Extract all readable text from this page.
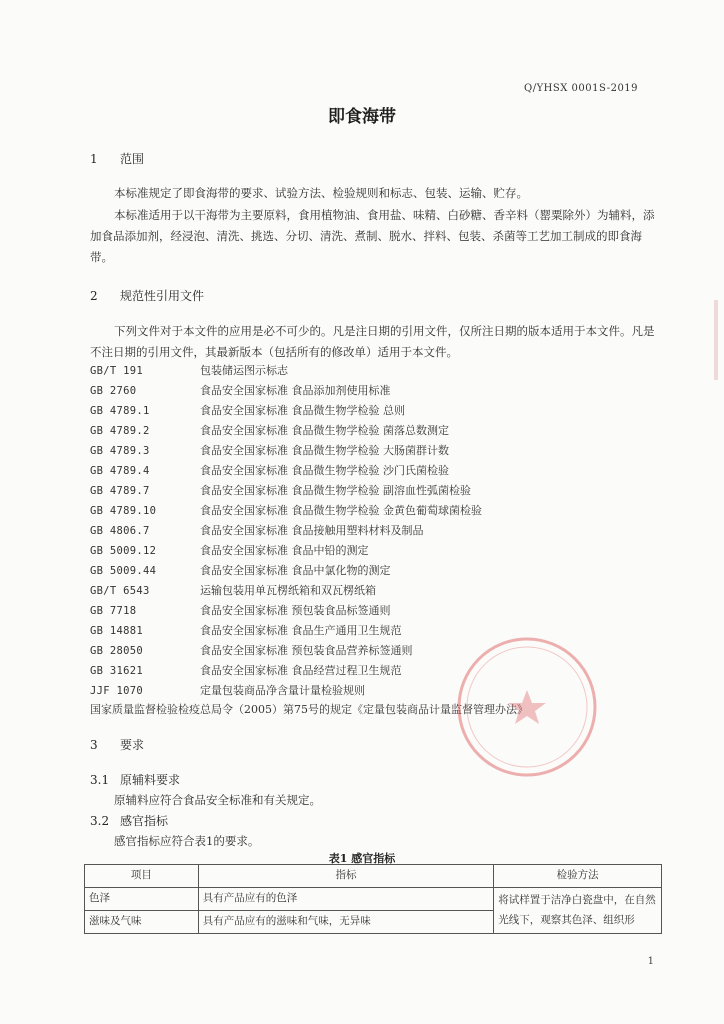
Q/YHSX 0001S-2019
即食海带
1 范围
本标准规定了即食海带的要求、试验方法、检验规则和标志、包装、运输、贮存。
本标准适用于以干海带为主要原料，食用植物油、食用盐、味精、白砂糖、香辛料（罂粟除外）为辅料，添加食品添加剂，经浸泡、清洗、挑选、分切、清洗、煮制、脱水、拌料、包装、杀菌等工艺加工制成的即食海带。
2 规范性引用文件
下列文件对于本文件的应用是必不可少的。凡是注日期的引用文件，仅所注日期的版本适用于本文件。凡是不注日期的引用文件，其最新版本（包括所有的修改单）适用于本文件。
GB/T 191	包装储运图示标志
GB 2760	食品安全国家标准 食品添加剂使用标准
GB 4789.1	食品安全国家标准 食品微生物学检验 总则
GB 4789.2	食品安全国家标准 食品微生物学检验 菌落总数测定
GB 4789.3	食品安全国家标准 食品微生物学检验 大肠菌群计数
GB 4789.4	食品安全国家标准 食品微生物学检验 沙门氏菌检验
GB 4789.7	食品安全国家标准 食品微生物学检验 副溶血性弧菌检验
GB 4789.10	食品安全国家标准 食品微生物学检验 金黄色葡萄球菌检验
GB 4806.7	食品安全国家标准 食品接触用塑料材料及制品
GB 5009.12	食品安全国家标准 食品中铅的测定
GB 5009.44	食品安全国家标准 食品中氯化物的测定
GB/T 6543	运输包装用单瓦楞纸箱和双瓦楞纸箱
GB 7718	食品安全国家标准 预包装食品标签通则
GB 14881	食品安全国家标准 食品生产通用卫生规范
GB 28050	食品安全国家标准 预包装食品营养标签通则
GB 31621	食品安全国家标准 食品经营过程卫生规范
JJF 1070	定量包装商品净含量计量检验规则
国家质量监督检验检疫总局令（2005）第75号的规定《定量包装商品计量监督管理办法》
3 要求
3.1 原辅料要求
原辅料应符合食品安全标准和有关规定。
3.2 感官指标
感官指标应符合表1的要求。
表1 感官指标
项目	指标	检验方法
色泽	具有产品应有的色泽	将试样置于洁净白瓷盘中，在自然光线下，观察其色泽、组织形
滋味及气味	具有产品应有的滋味和气味，无异味	
1
